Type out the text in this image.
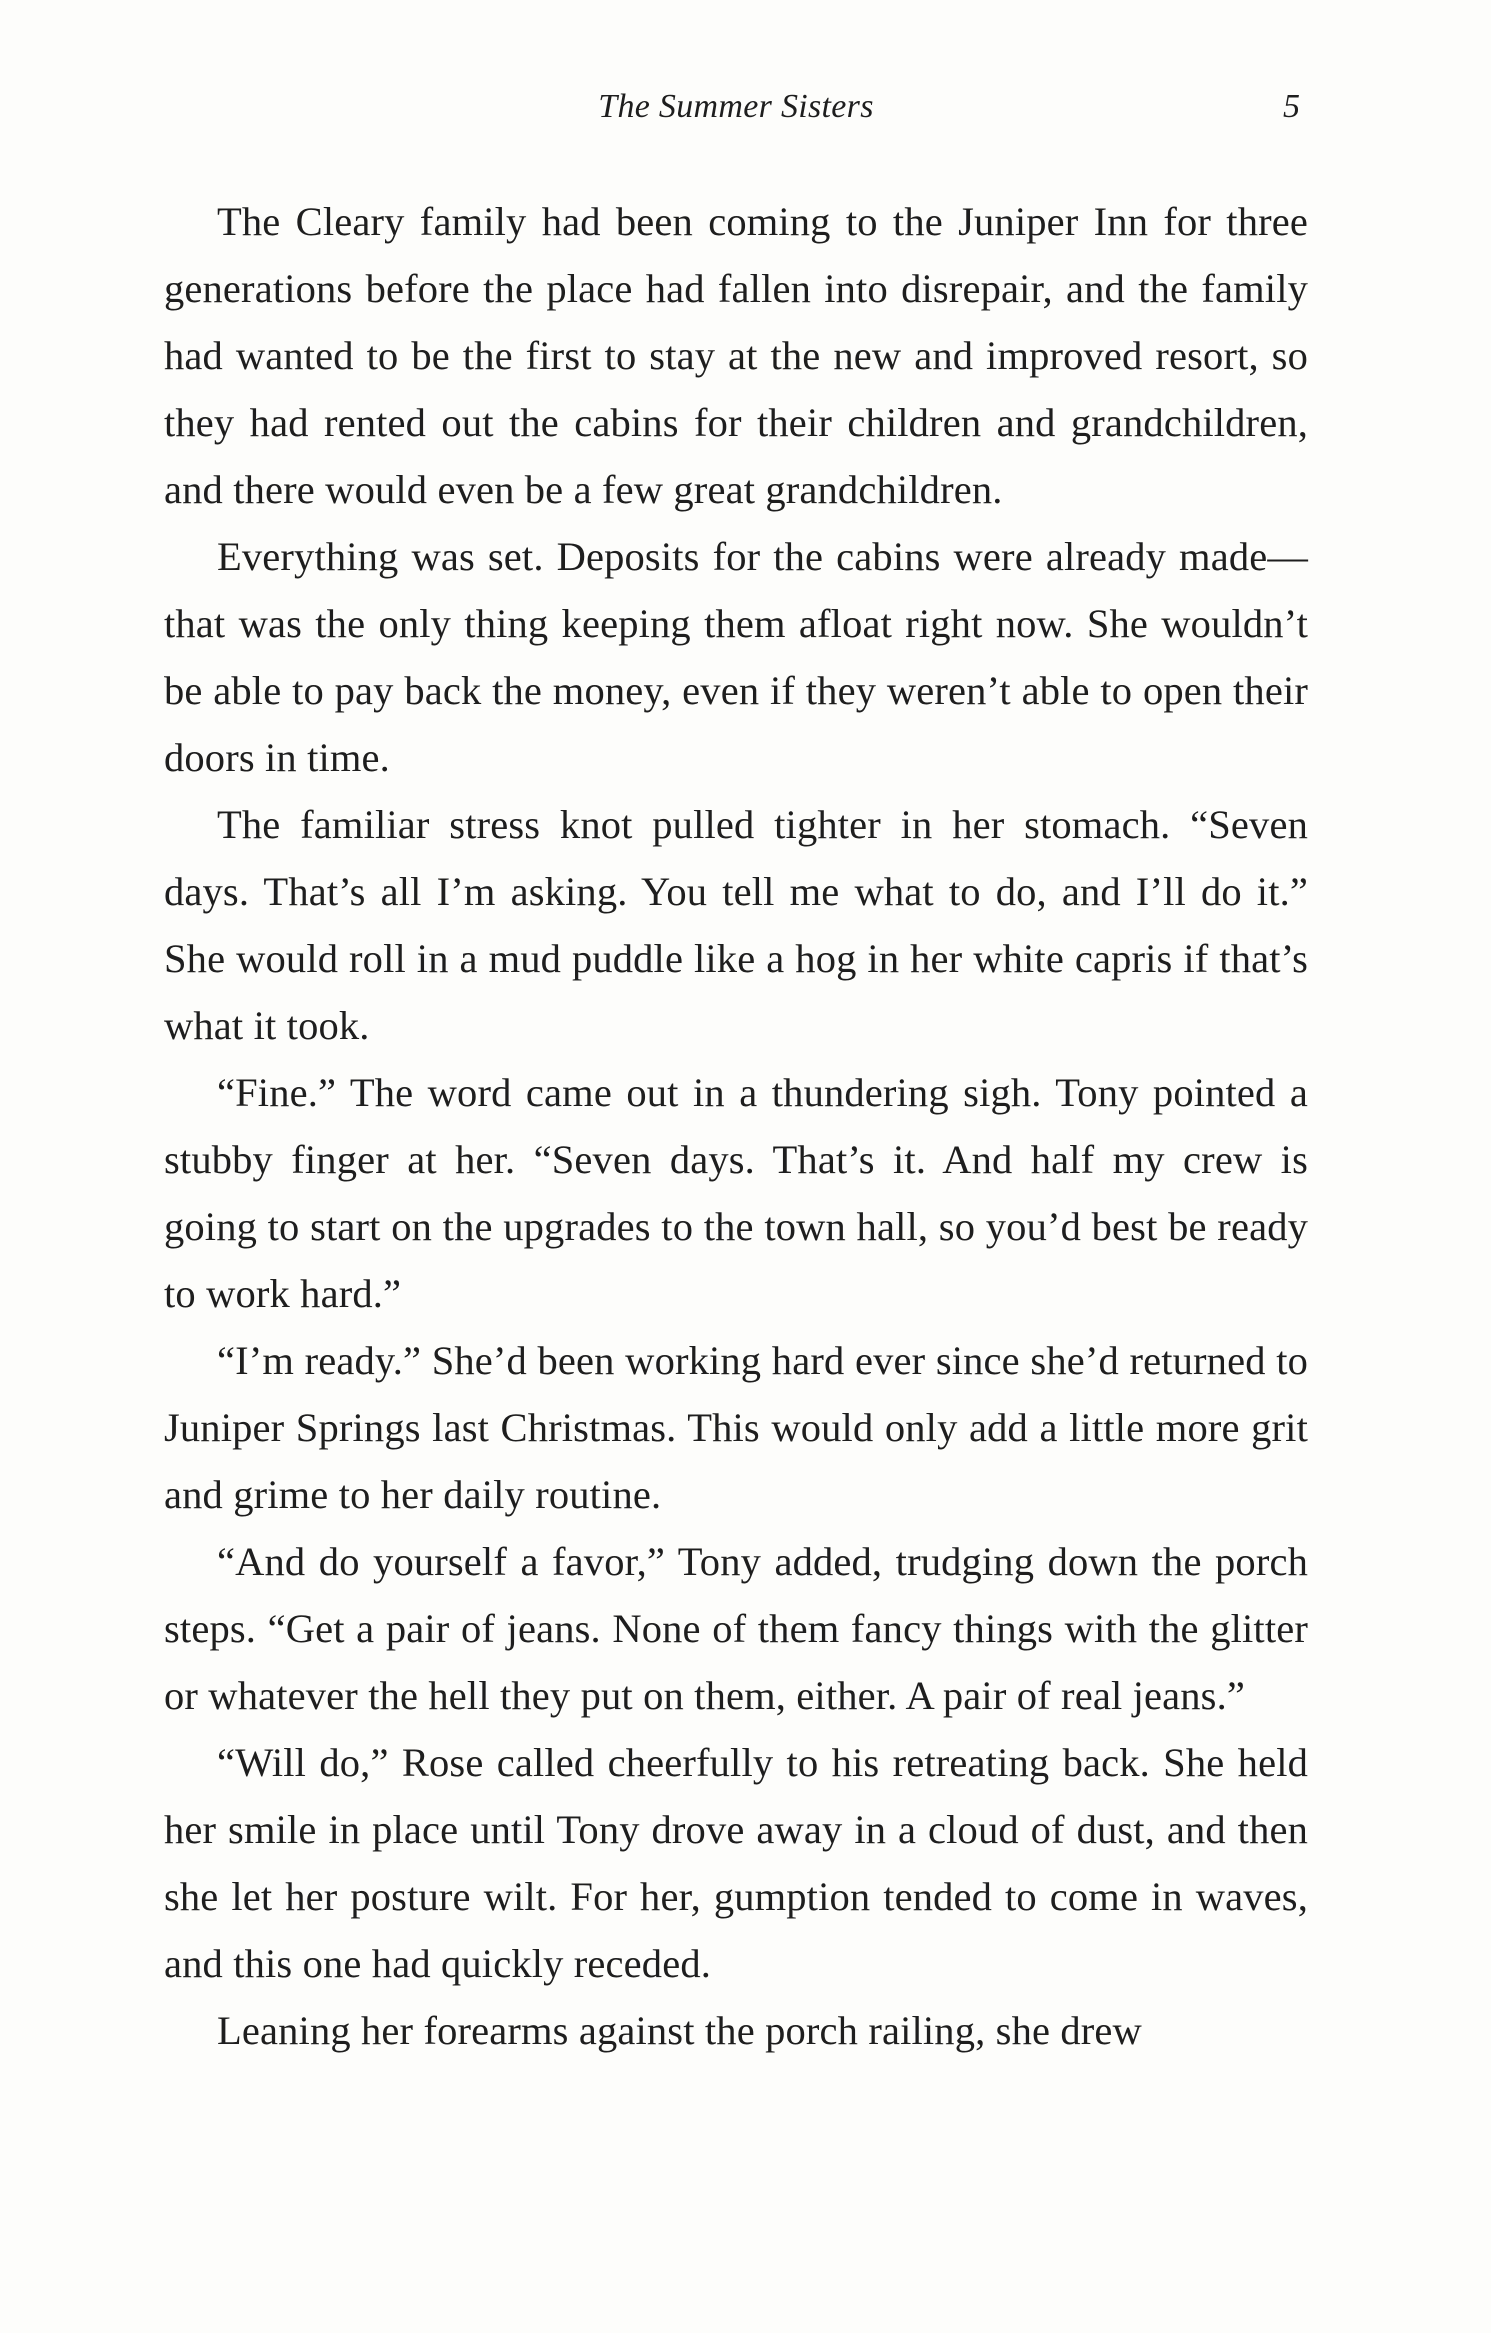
The Summer Sisters	5

The Cleary family had been coming to the Juniper Inn for three generations before the place had fallen into disrepair, and the family had wanted to be the first to stay at the new and improved resort, so they had rented out the cabins for their children and grandchildren, and there would even be a few great grandchildren.

Everything was set. Deposits for the cabins were already made—that was the only thing keeping them afloat right now. She wouldn’t be able to pay back the money, even if they weren’t able to open their doors in time.

The familiar stress knot pulled tighter in her stomach. “Seven days. That’s all I’m asking. You tell me what to do, and I’ll do it.” She would roll in a mud puddle like a hog in her white capris if that’s what it took.

“Fine.” The word came out in a thundering sigh. Tony pointed a stubby finger at her. “Seven days. That’s it. And half my crew is going to start on the upgrades to the town hall, so you’d best be ready to work hard.”

“I’m ready.” She’d been working hard ever since she’d returned to Juniper Springs last Christmas. This would only add a little more grit and grime to her daily routine.

“And do yourself a favor,” Tony added, trudging down the porch steps. “Get a pair of jeans. None of them fancy things with the glitter or whatever the hell they put on them, either. A pair of real jeans.”

“Will do,” Rose called cheerfully to his retreating back. She held her smile in place until Tony drove away in a cloud of dust, and then she let her posture wilt. For her, gumption tended to come in waves, and this one had quickly receded.

Leaning her forearms against the porch railing, she drew
